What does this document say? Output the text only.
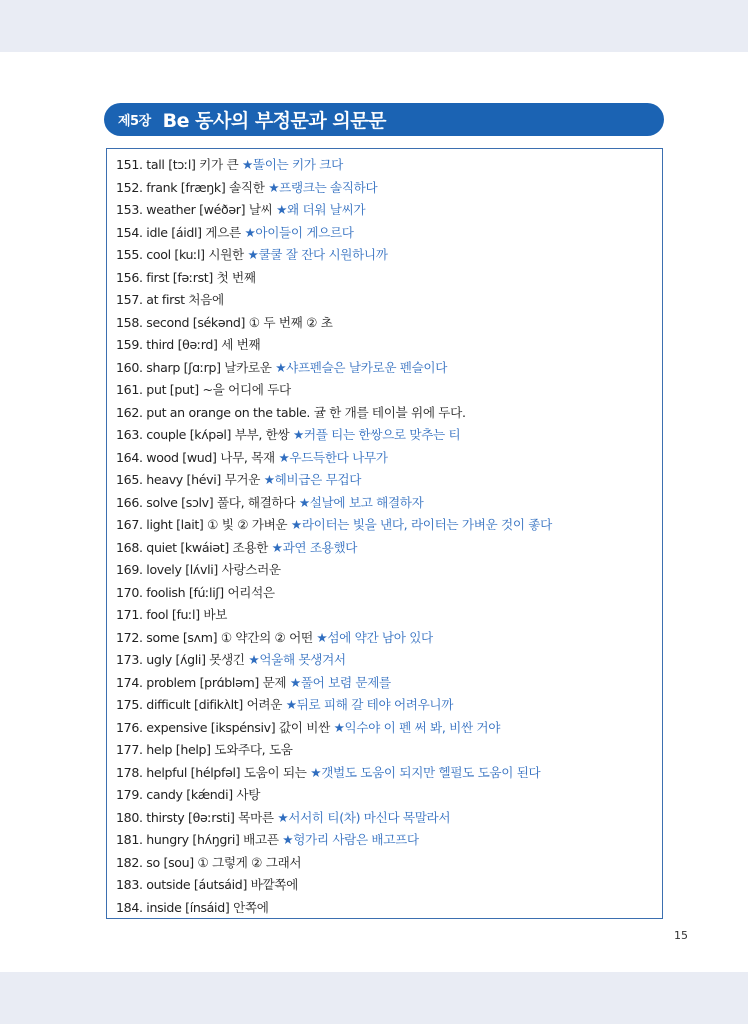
제5장 Be 동사의 부정문과 의문문
151. tall [tɔːl] 키가 큰 ★똘이는 키가 크다
152. frank [fræŋk] 솔직한 ★프랭크는 솔직하다
153. weather [wéðər] 날씨 ★왜 더워 날씨가
154. idle [áidl] 게으른 ★아이들이 게으르다
155. cool [kuːl] 시원한 ★쿨쿨 잘 잔다 시원하니까
156. first [fəːrst] 첫 번째
157. at first 처음에
158. second [sékənd] ① 두 번째 ② 초
159. third [θəːrd] 세 번째
160. sharp [ʃɑːrp] 날카로운 ★샤프펜슬은 날카로운 펜슬이다
161. put [put] ~을 어디에 두다
162. put an orange on the table. 귤 한 개를 테이블 위에 두다.
163. couple [kʌ́pəl] 부부, 한쌍 ★커플 티는 한쌍으로 맞추는 티
164. wood [wud] 나무, 목재 ★우드득한다 나무가
165. heavy [hévi] 무거운 ★헤비급은 무겁다
166. solve [sɔlv] 풀다, 해결하다 ★설날에 보고 해결하자
167. light [lait] ① 빛 ② 가벼운 ★라이터는 빛을 낸다, 라이터는 가벼운 것이 좋다
168. quiet [kwáiət] 조용한 ★과연 조용했다
169. lovely [lʌ́vli] 사랑스러운
170. foolish [fúːliʃ] 어리석은
171. fool [fuːl] 바보
172. some [sʌm] ① 약간의 ② 어떤 ★섬에 약간 남아 있다
173. ugly [ʌ́gli] 못생긴 ★억울해 못생겨서
174. problem [prɑ́bləm] 문제 ★풀어 보렴 문제를
175. difficult [difikʌ̀lt] 어려운 ★뒤로 피해 갈 테야 어려우니까
176. expensive [ikspénsiv] 값이 비싼 ★익수야 이 펜 써 봐, 비싼 거야
177. help [help] 도와주다, 도움
178. helpful [hélpfəl] 도움이 되는 ★갯벌도 도움이 되지만 헬펄도 도움이 된다
179. candy [kǽndi] 사탕
180. thirsty [θəːrsti] 목마른 ★서서히 티(차) 마신다 목말라서
181. hungry [hʌ́ŋgri] 배고픈 ★헝가리 사람은 배고프다
182. so [sou] ① 그렇게 ② 그래서
183. outside [áutsáid] 바깥쪽에
184. inside [ínsáid] 안쪽에
15
